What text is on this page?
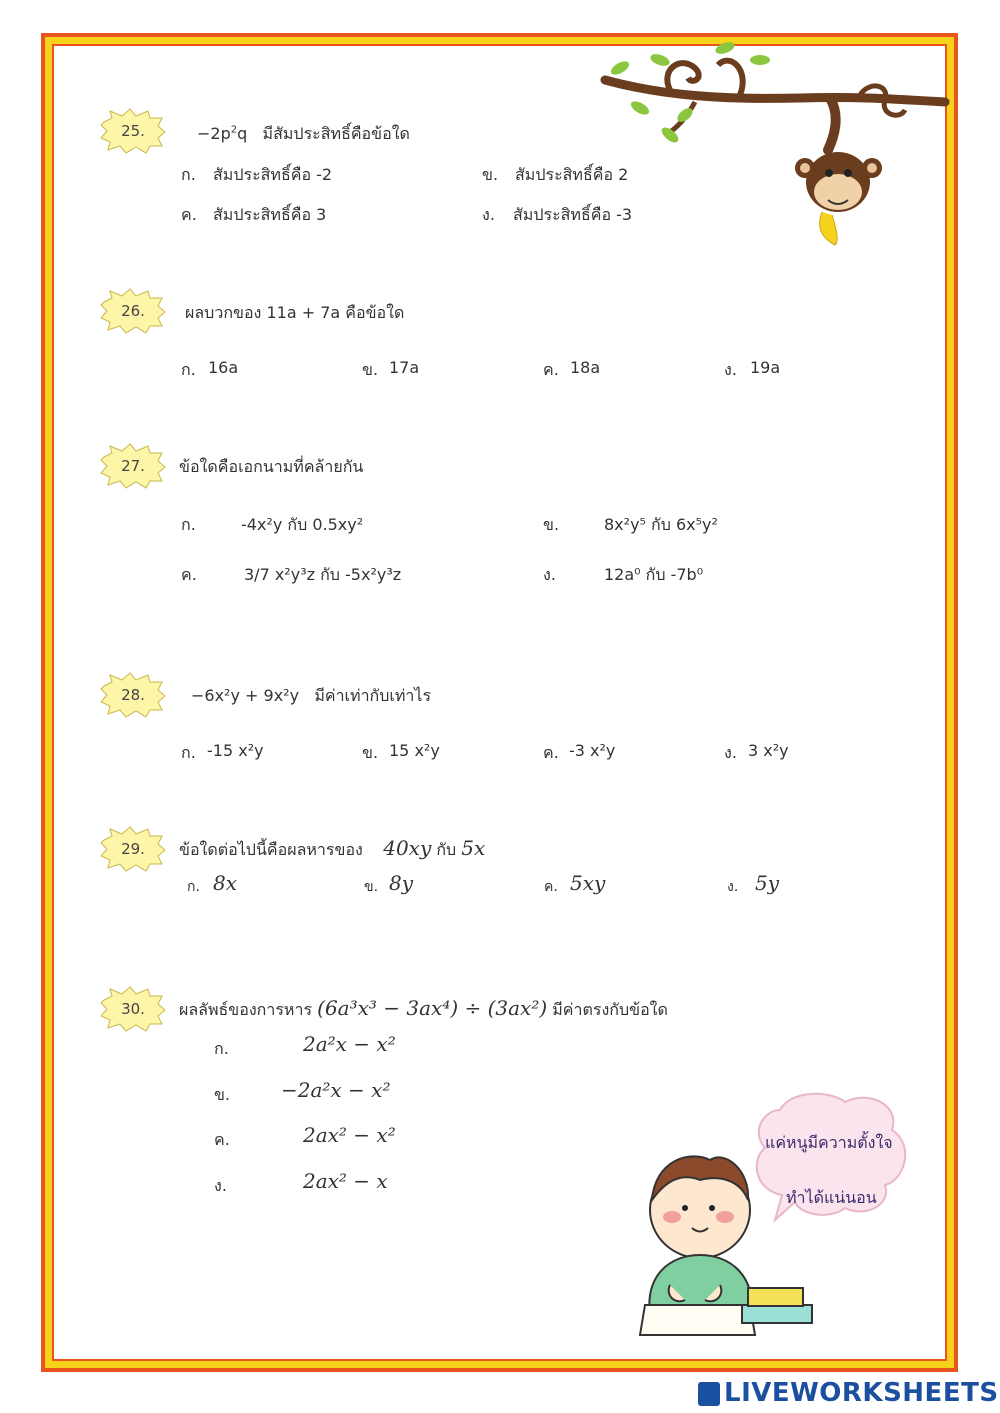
แค่หนูมีความตั้งใจ
ทำได้แน่นอน
25.	$-2p^2q$ มีสัมประสิทธิ์คือข้อใด
ก. สัมประสิทธิ์คือ -2	ข. สัมประสิทธิ์คือ 2
ค. สัมประสิทธิ์คือ 3	ง. สัมประสิทธิ์คือ -3
26.	ผลบวกของ 11a + 7a คือข้อใด
ก. 16a	ข. 17a	ค. 18a	ง. 19a
27.	ข้อใดคือเอกนามที่คล้ายกัน
ก.	-4x²y กับ 0.5xy²	ข.	8x²y⁵ กับ 6x⁵y²
ค.	3/7 x²y³z กับ -5x²y³z	ง.	12a⁰ กับ -7b⁰
28.	−6x²y + 9x²y มีค่าเท่ากับเท่าไร
ก. -15 x²y	ข. 15 x²y	ค. -3 x²y	ง. 3 x²y
29.	ข้อใดต่อไปนี้คือผลหารของ 40xy กับ 5x
ก. 8x	ข. 8y	ค. 5xy	ง. 5y
30.	ผลลัพธ์ของการหาร (6a³x³ − 3ax⁴) ÷ (3ax²) มีค่าตรงกับข้อใด
ก.	2a²x − x²
ข.	−2a²x − x²
ค.	2ax² − x²
ง.	2ax² − x
LIVEWORKSHEETS
